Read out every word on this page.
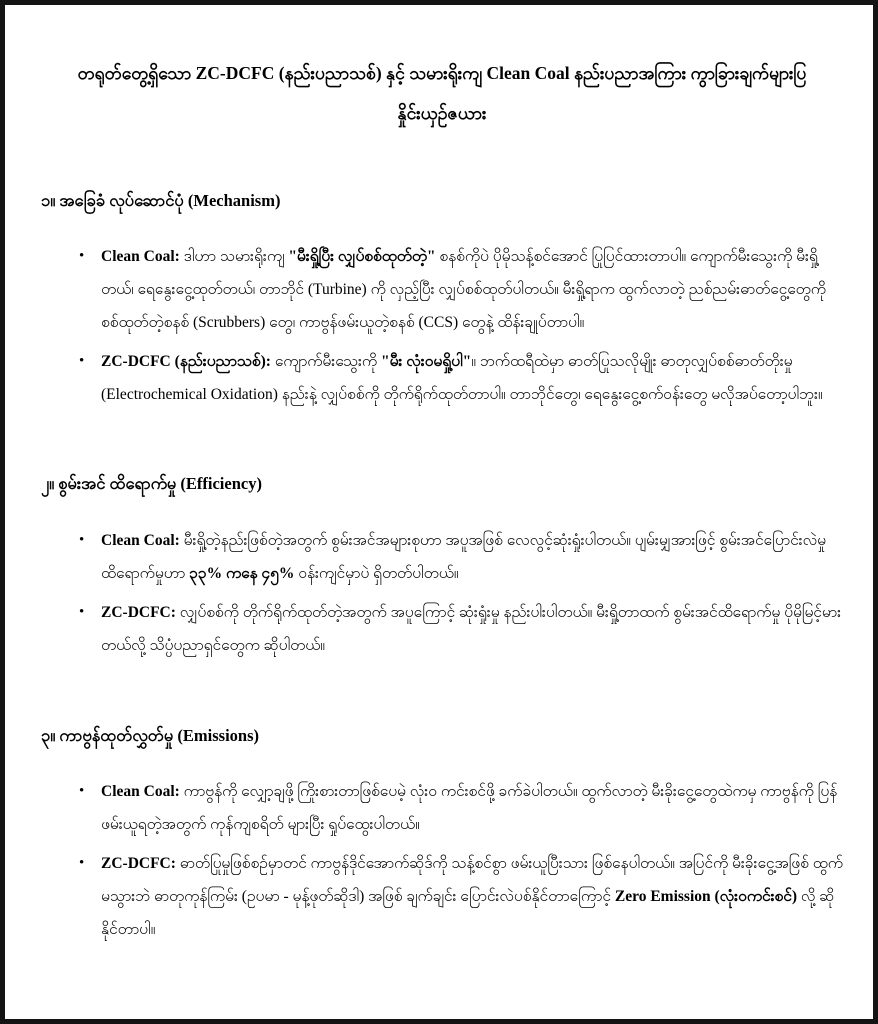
တရုတ်တွေ့ရှိသော ZC-DCFC (နည်းပညာသစ်) နှင့် သမားရိုးကျ Clean Coal နည်းပညာအကြား ကွာခြားချက်များပြ နှိုင်းယှဉ်ဇယား
၁။ အခြေခံ လုပ်ဆောင်ပုံ (Mechanism)
•
Clean Coal: ဒါဟာ သမားရိုးကျ "မီးရှို့ပြီး လျှပ်စစ်ထုတ်တဲ့" စနစ်ကိုပဲ ပိုမိုသန့်စင်အောင် ပြုပြင်ထားတာပါ။ ကျောက်မီးသွေးကို မီးရှို့တယ်၊ ရေနွေးငွေ့ထုတ်တယ်၊ တာဘိုင် (Turbine) ကို လှည့်ပြီး လျှပ်စစ်ထုတ်ပါတယ်။ မီးရှို့ရာက ထွက်လာတဲ့ ညစ်ညမ်းဓာတ်ငွေ့တွေကို စစ်ထုတ်တဲ့စနစ် (Scrubbers) တွေ၊ ကာဗွန်ဖမ်းယူတဲ့စနစ် (CCS) တွေနဲ့ ထိန်းချုပ်တာပါ။
•
ZC-DCFC (နည်းပညာသစ်): ကျောက်မီးသွေးကို "မီး လုံးဝမရှို့ပါ"။ ဘက်ထရီထဲမှာ ဓာတ်ပြုသလိုမျိုး ဓာတုလျှပ်စစ်ဓာတ်တိုးမှု (Electrochemical Oxidation) နည်းနဲ့ လျှပ်စစ်ကို တိုက်ရိုက်ထုတ်တာပါ။ တာဘိုင်တွေ၊ ရေနွေးငွေ့စက်ဝန်းတွေ မလိုအပ်တော့ပါဘူး။
၂။ စွမ်းအင် ထိရောက်မှု (Efficiency)
•
Clean Coal: မီးရှို့တဲ့နည်းဖြစ်တဲ့အတွက် စွမ်းအင်အများစုဟာ အပူအဖြစ် လေလွင့်ဆုံးရှုံးပါတယ်။ ပျမ်းမျှအားဖြင့် စွမ်းအင်ပြောင်းလဲမှု ထိရောက်မှုဟာ ၃၃% ကနေ ၄၅% ဝန်းကျင်မှာပဲ ရှိတတ်ပါတယ်။
•
ZC-DCFC: လျှပ်စစ်ကို တိုက်ရိုက်ထုတ်တဲ့အတွက် အပူကြောင့် ဆုံးရှုံးမှု နည်းပါးပါတယ်။ မီးရှို့တာထက် စွမ်းအင်ထိရောက်မှု ပိုမိုမြင့်မားတယ်လို့ သိပ္ပံပညာရှင်တွေက ဆိုပါတယ်။
၃။ ကာဗွန်ထုတ်လွှတ်မှု (Emissions)
•
Clean Coal: ကာဗွန်ကို လျှော့ချဖို့ ကြိုးစားတာဖြစ်ပေမဲ့ လုံးဝ ကင်းစင်ဖို့ ခက်ခဲပါတယ်။ ထွက်လာတဲ့ မီးခိုးငွေ့တွေထဲကမှ ကာဗွန်ကို ပြန်ဖမ်းယူရတဲ့အတွက် ကုန်ကျစရိတ် များပြီး ရှုပ်ထွေးပါတယ်။
•
ZC-DCFC: ဓာတ်ပြုမှုဖြစ်စဉ်မှာတင် ကာဗွန်ဒိုင်အောက်ဆိုဒ်ကို သန့်စင်စွာ ဖမ်းယူပြီးသား ဖြစ်နေပါတယ်။ အပြင်ကို မီးခိုးငွေ့အဖြစ် ထွက်မသွားဘဲ ဓာတုကုန်ကြမ်း (ဥပမာ - မုန့်ဖုတ်ဆိုဒါ) အဖြစ် ချက်ချင်း ပြောင်းလဲပစ်နိုင်တာကြောင့် Zero Emission (လုံးဝကင်းစင်) လို့ ဆိုနိုင်တာပါ။
